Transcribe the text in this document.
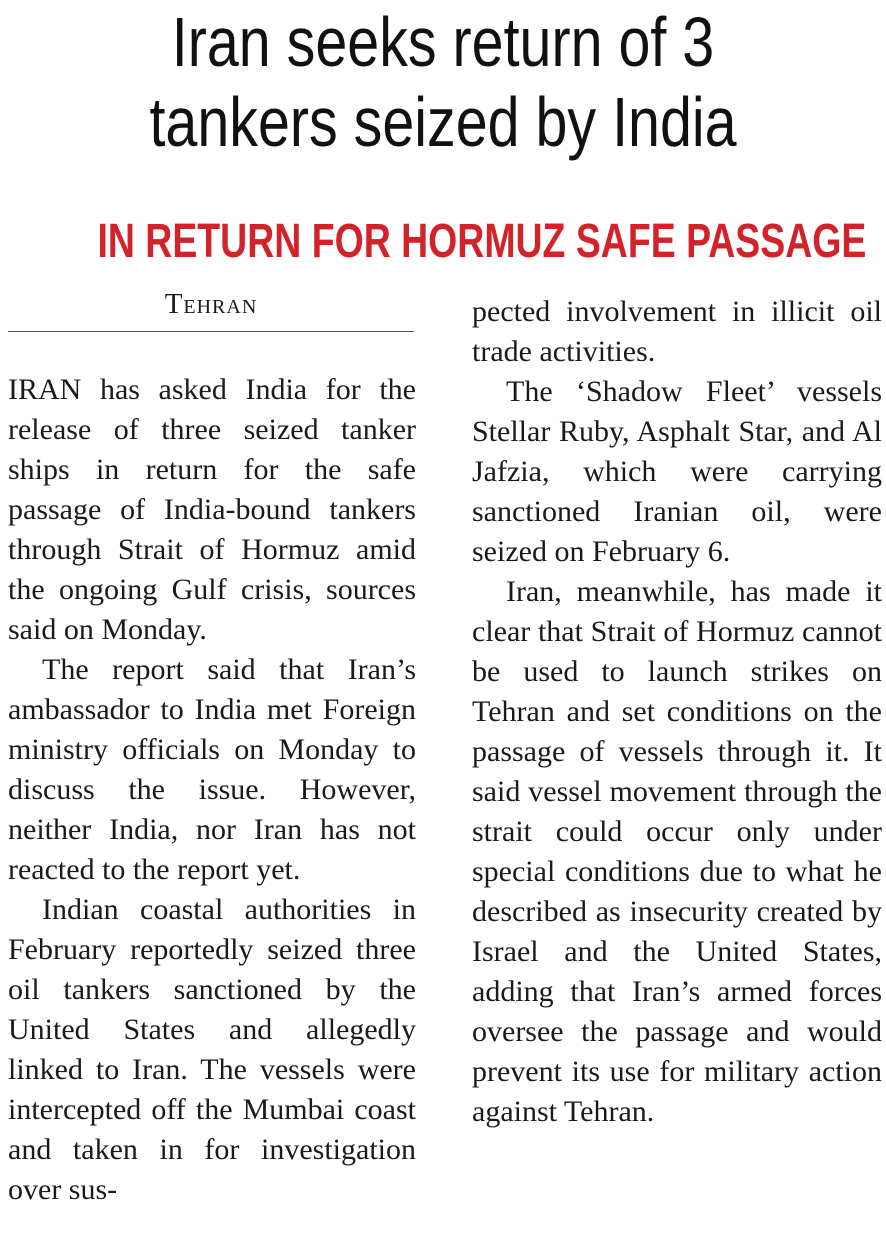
Iran seeks return of 3
tankers seized by India
IN RETURN FOR HORMUZ SAFE PASSAGE
Tehran

IRAN has asked India for the release of three seized tanker ships in return for the safe passage of India-bound tankers through Strait of Hormuz amid the ongoing Gulf crisis, sources said on Monday.

The report said that Iran’s ambassador to India met Foreign ministry officials on Monday to discuss the issue. However, neither India, nor Iran has not reacted to the report yet.

Indian coastal authorities in February reportedly seized three oil tankers sanctioned by the United States and allegedly linked to Iran. The vessels were intercepted off the Mumbai coast and taken in for investigation over sus-

pected involvement in illicit oil trade activities.

The ‘Shadow Fleet’ vessels Stellar Ruby, Asphalt Star, and Al Jafzia, which were carrying sanctioned Iranian oil, were seized on February 6.

Iran, meanwhile, has made it clear that Strait of Hormuz cannot be used to launch strikes on Tehran and set conditions on the passage of vessels through it. It said vessel movement through the strait could occur only under special conditions due to what he described as insecurity created by Israel and the United States, adding that Iran’s armed forces oversee the passage and would prevent its use for military action against Tehran.
